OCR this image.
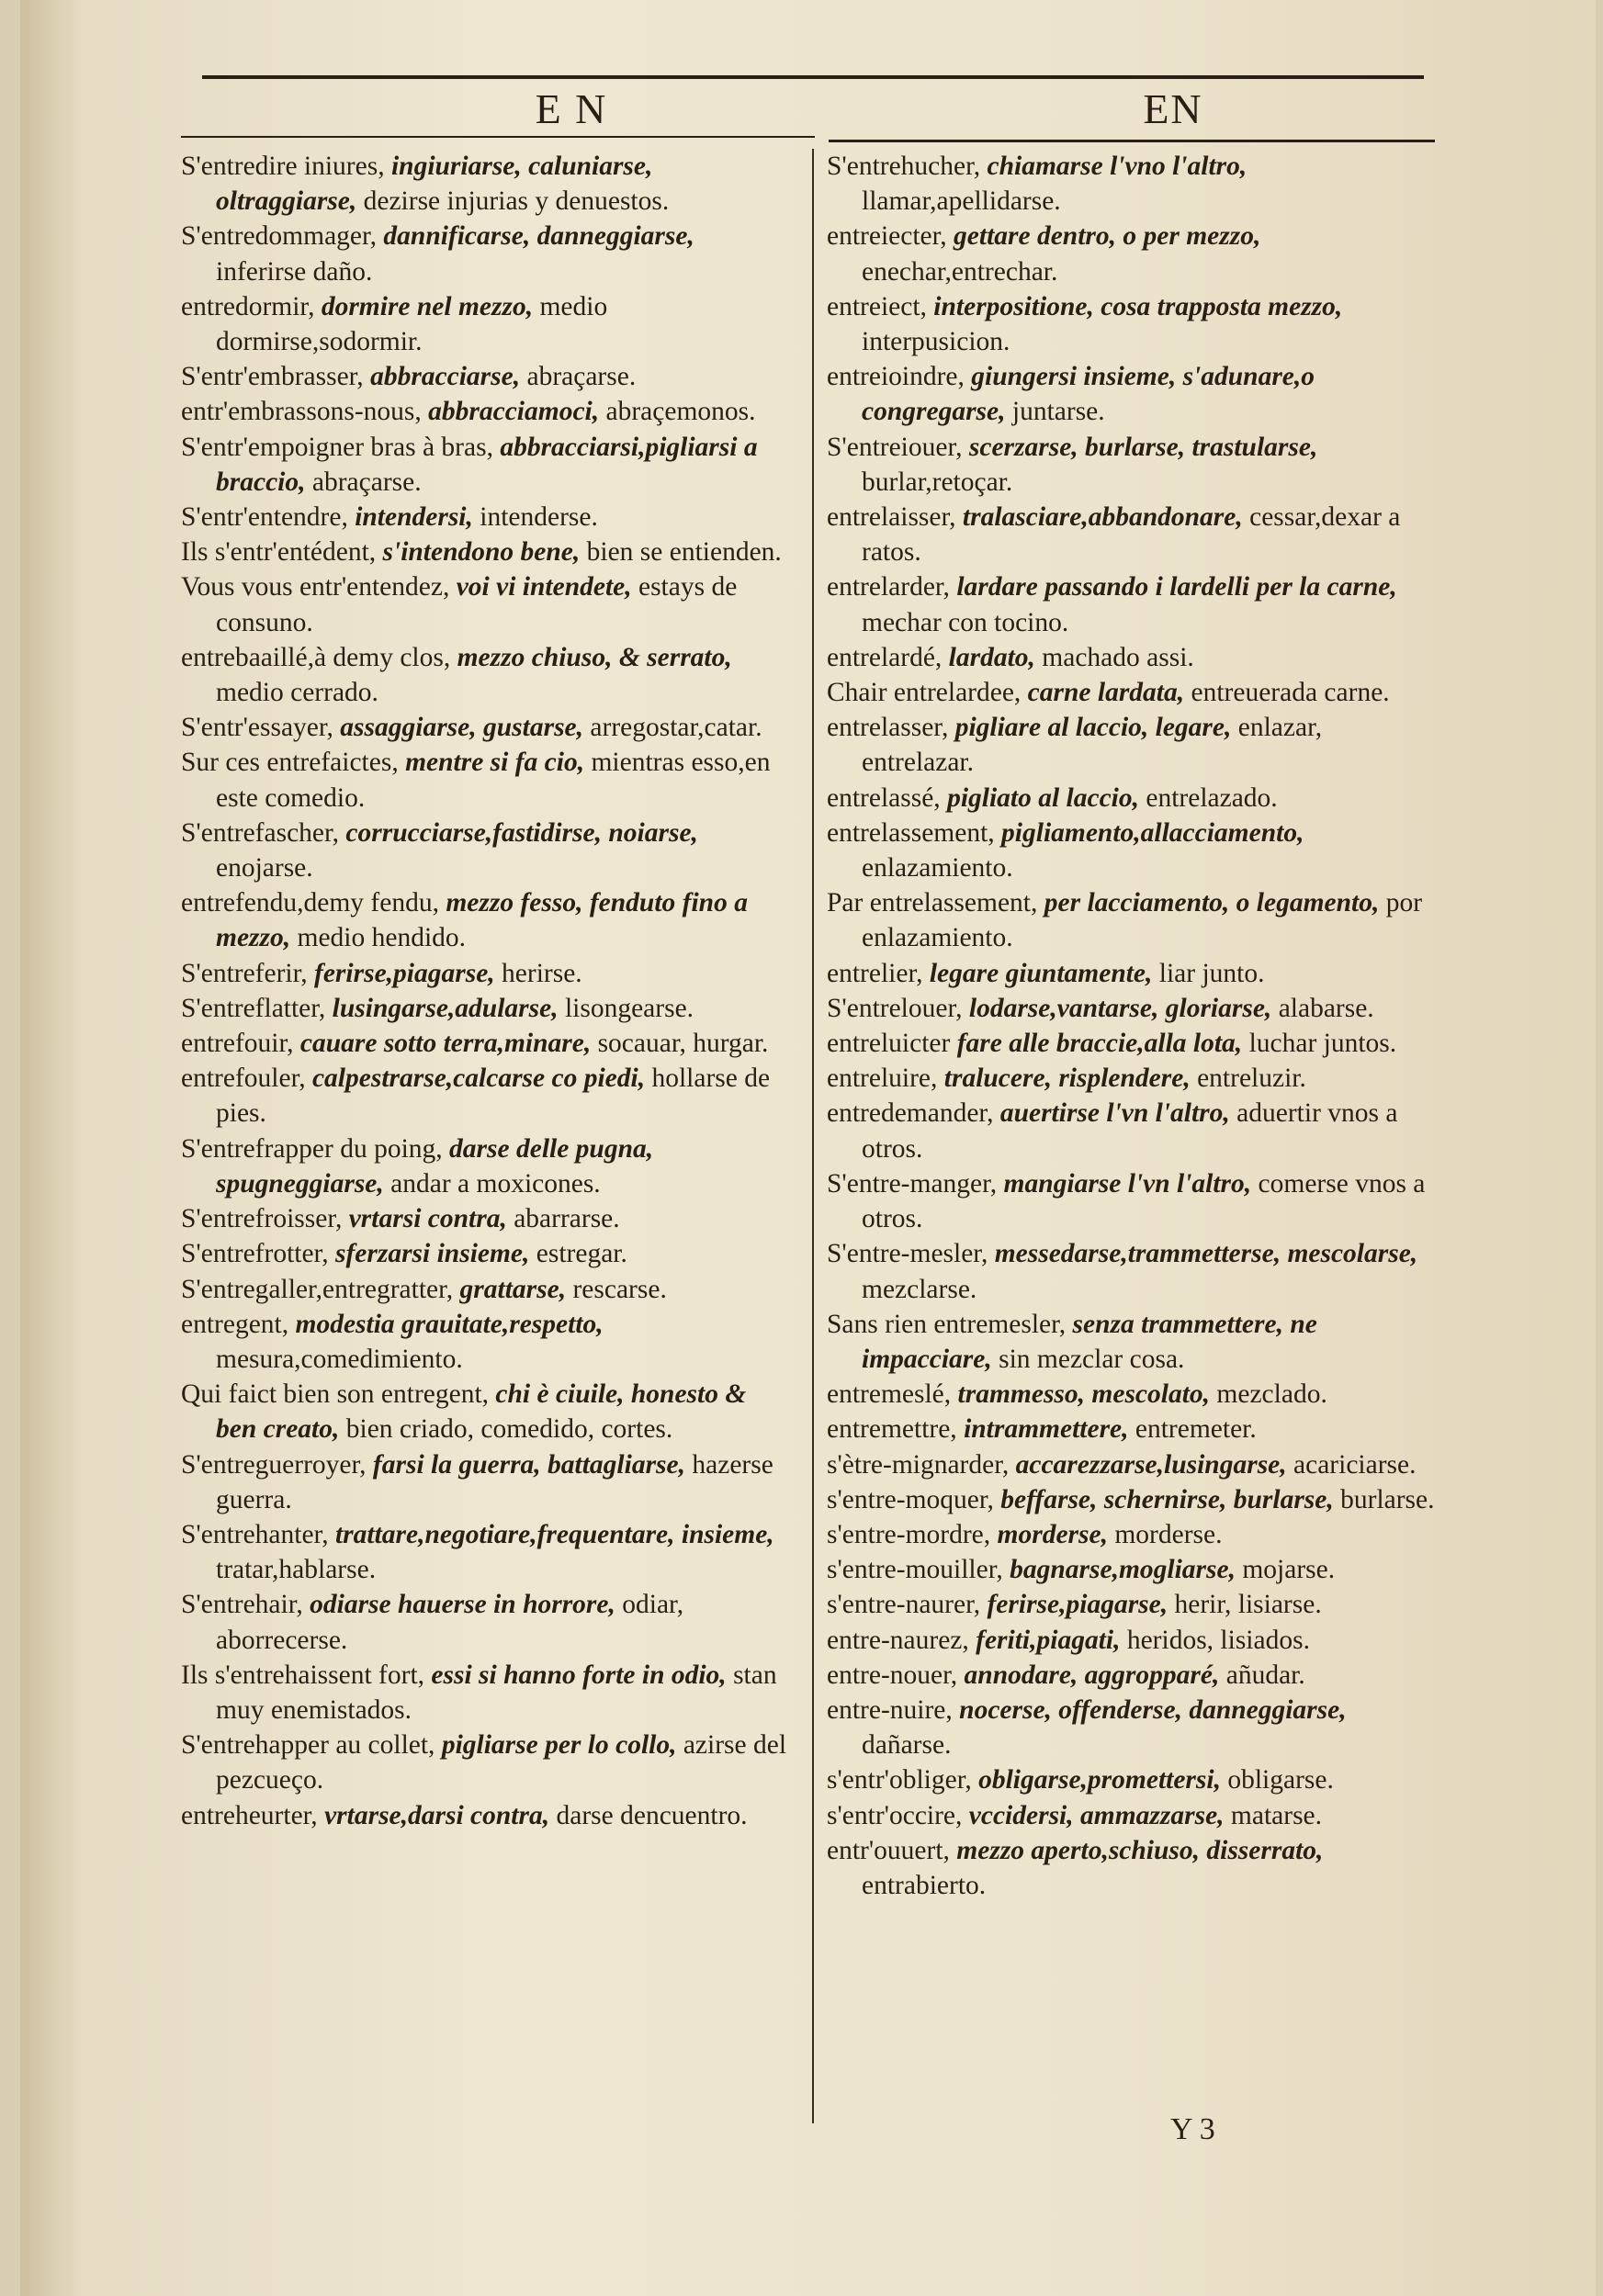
E N	EN

S'entredire iniures, ingiuriarse, caluniarse, oltraggiarse, dezirse injurias y denuestos.

S'entredommager, dannificarse, danneggiarse, inferirse daño.

entredormir, dormire nel mezzo, medio dormirse,sodormir.

S'entr'embrasser, abbracciarse, abraçarse.

entr'embrassons-nous, abbracciamoci, abraçemonos.

S'entr'empoigner bras à bras, abbracciarsi,pigliarsi a braccio, abraçarse.

S'entr'entendre, intendersi, intenderse.

Ils s'entr'entédent, s'intendono bene, bien se entienden.

Vous vous entr'entendez, voi vi intendete, estays de consuno.

entrebaaillé,à demy clos, mezzo chiuso, & serrato, medio cerrado.

S'entr'essayer, assaggiarse, gustarse, arregostar,catar.

Sur ces entrefaictes, mentre si fa cio, mientras esso,en este comedio.

S'entrefascher, corrucciarse,fastidirse, noiarse, enojarse.

entrefendu,demy fendu, mezzo fesso, fenduto fino a mezzo, medio hendido.

S'entreferir, ferirse,piagarse, herirse.

S'entreflatter, lusingarse,adularse, lisongearse.

entrefouir, cauare sotto terra,minare, socauar, hurgar.

entrefouler, calpestrarse,calcarse co piedi, hollarse de pies.

S'entrefrapper du poing, darse delle pugna, spugneggiarse, andar a moxicones.

S'entrefroisser, vrtarsi contra, abarrarse.

S'entrefrotter, sferzarsi insieme, estregar.

S'entregaller,entregratter, grattarse, rescarse.

entregent, modestia grauitate,respetto, mesura,comedimiento.

Qui faict bien son entregent, chi è ciuile, honesto & ben creato, bien criado, comedido, cortes.

S'entreguerroyer, farsi la guerra, battagliarse, hazerse guerra.

S'entrehanter, trattare,negotiare,frequentare, insieme, tratar,hablarse.

S'entrehair, odiarse hauerse in horrore, odiar, aborrecerse.

Ils s'entrehaissent fort, essi si hanno forte in odio, stan muy enemistados.

S'entrehapper au collet, pigliarse per lo collo, azirse del pezcueço.

entreheurter, vrtarse,darsi contra, darse dencuentro.

S'entrehucher, chiamarse l'vno l'altro, llamar,apellidarse.

entreiecter, gettare dentro, o per mezzo, enechar,entrechar.

entreiect, interpositione, cosa trapposta mezzo, interpusicion.

entreioindre, giungersi insieme, s'adunare,o congregarse, juntarse.

S'entreiouer, scerzarse, burlarse, trastularse, burlar,retoçar.

entrelaisser, tralasciare,abbandonare, cessar,dexar a ratos.

entrelarder, lardare passando i lardelli per la carne, mechar con tocino.

entrelardé, lardato, machado assi.

Chair entrelardee, carne lardata, entreuerada carne.

entrelasser, pigliare al laccio, legare, enlazar, entrelazar.

entrelassé, pigliato al laccio, entrelazado.

entrelassement, pigliamento,allacciamento, enlazamiento.

Par entrelassement, per lacciamento, o legamento, por enlazamiento.

entrelier, legare giuntamente, liar junto.

S'entrelouer, lodarse,vantarse, gloriarse, alabarse.

entreluicter fare alle braccie,alla lota, luchar juntos.

entreluire, tralucere, risplendere, entreluzir.

entredemander, auertirse l'vn l'altro, aduertir vnos a otros.

S'entre-manger, mangiarse l'vn l'altro, comerse vnos a otros.

S'entre-mesler, messedarse,trammetterse, mescolarse, mezclarse.

Sans rien entremesler, senza trammettere, ne impacciare, sin mezclar cosa.

entremeslé, trammesso, mescolato, mezclado.

entremettre, intrammettere, entremeter.

s'ètre-mignarder, accarezzarse,lusingarse, acariciarse.

s'entre-moquer, beffarse, schernirse, burlarse, burlarse.

s'entre-mordre, morderse, morderse.

s'entre-mouiller, bagnarse,mogliarse, mojarse.

s'entre-naurer, ferirse,piagarse, herir, lisiarse.

entre-naurez, feriti,piagati, heridos, lisiados.

entre-nouer, annodare, aggropparé, añudar.

entre-nuire, nocerse, offenderse, danneggiarse, dañarse.

s'entr'obliger, obligarse,promettersi, obligarse.

s'entr'occire, vccidersi, ammazzarse, matarse.

entr'ouuert, mezzo aperto,schiuso, disserrato, entrabierto.

Y 3
